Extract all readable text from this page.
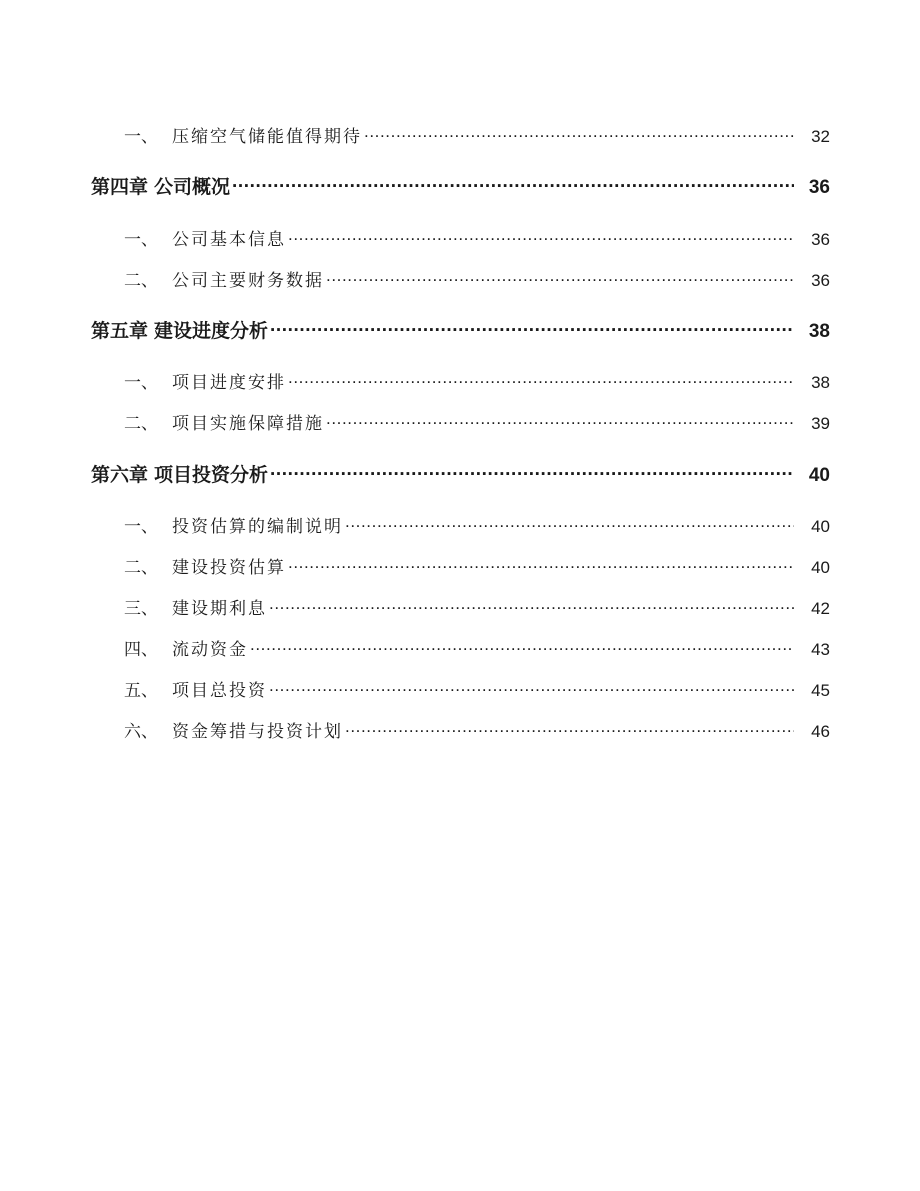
一、 压缩空气储能值得期待 .....	32
第四章 公司概况 .....	36
一、 公司基本信息 .....	36
二、 公司主要财务数据 .....	36
第五章 建设进度分析 .....	38
一、 项目进度安排 .....	38
二、 项目实施保障措施 .....	39
第六章 项目投资分析 .....	40
一、 投资估算的编制说明 .....	40
二、 建设投资估算 .....	40
三、 建设期利息 .....	42
四、 流动资金 .....	43
五、 项目总投资 .....	45
六、 资金筹措与投资计划 .....	46
